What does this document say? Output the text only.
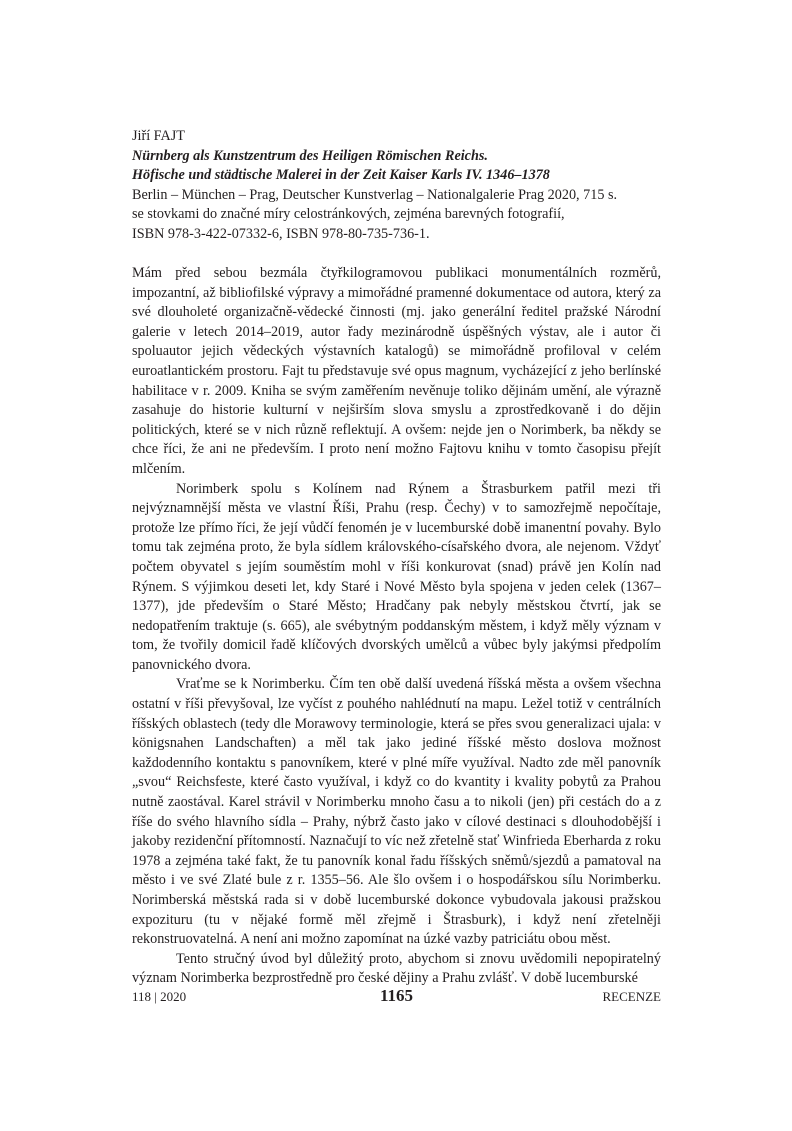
Jiří FAJT
Nürnberg als Kunstzentrum des Heiligen Römischen Reichs.
Höfische und städtische Malerei in der Zeit Kaiser Karls IV. 1346–1378
Berlin – München – Prag, Deutscher Kunstverlag – Nationalgalerie Prag 2020, 715 s.
se stovkami do značné míry celostránkových, zejména barevných fotografií,
ISBN 978-3-422-07332-6, ISBN 978-80-735-736-1.

Mám před sebou bezmála čtyřkilogramovou publikaci monumentálních rozměrů, impozantní, až bibliofilské výpravy a mimořádné pramenné dokumentace od autora, který za své dlouholeté organizačně-vědecké činnosti (mj. jako generální ředitel pražské Národní galerie v letech 2014–2019, autor řady mezinárodně úspěšných výstav, ale i autor či spoluautor jejich vědeckých výstavních katalogů) se mimořádně profiloval v celém euroatlantickém prostoru. Fajt tu představuje své opus magnum, vycházející z jeho berlínské habilitace v r. 2009. Kniha se svým zaměřením nevěnuje toliko dějinám umění, ale výrazně zasahuje do historie kulturní v nejširším slova smyslu a zprostředkovaně i do dějin politických, které se v nich různě reflektují. A ovšem: nejde jen o Norimberk, ba někdy se chce říci, že ani ne především. I proto není možno Fajtovu knihu v tomto časopisu přejít mlčením.

Norimberk spolu s Kolínem nad Rýnem a Štrasburkem patřil mezi tři nejvýznamnější města ve vlastní Říši, Prahu (resp. Čechy) v to samozřejmě nepočítaje, protože lze přímo říci, že její vůdčí fenomén je v lucemburské době imanentní povahy. Bylo tomu tak zejména proto, že byla sídlem královského-císařského dvora, ale nejenom. Vždyť počtem obyvatel s jejím souměstím mohl v říši konkurovat (snad) právě jen Kolín nad Rýnem. S výjimkou deseti let, kdy Staré i Nové Město byla spojena v jeden celek (1367–1377), jde především o Staré Město; Hradčany pak nebyly městskou čtvrtí, jak se nedopatřením traktuje (s. 665), ale svébytným poddanským městem, i když měly význam v tom, že tvořily domicil řadě klíčových dvorských umělců a vůbec byly jakýmsi předpolím panovnického dvora.

Vraťme se k Norimberku. Čím ten obě další uvedená říšská města a ovšem všechna ostatní v říši převyšoval, lze vyčíst z pouhého nahlédnutí na mapu. Ležel totiž v centrálních říšských oblastech (tedy dle Morawovy terminologie, která se přes svou generalizaci ujala: v königsnahen Landschaften) a měl tak jako jediné říšské město doslova možnost každodenního kontaktu s panovníkem, které v plné míře využíval. Nadto zde měl panovník „svou“ Reichsfeste, které často využíval, i když co do kvantity i kvality pobytů za Prahou nutně zaostával. Karel strávil v Norimberku mnoho času a to nikoli (jen) při cestách do a z říše do svého hlavního sídla – Prahy, nýbrž často jako v cílové destinaci s dlouhodobější i jakoby rezidenční přítomností. Naznačují to víc než zřetelně stať Winfrieda Eberharda z roku 1978 a zejména také fakt, že tu panovník konal řadu říšských sněmů/sjezdů a pamatoval na město i ve své Zlaté bule z r. 1355–56. Ale šlo ovšem i o hospodářskou sílu Norimberku. Norimberská městská rada si v době lucemburské dokonce vybudovala jakousi pražskou expozituru (tu v nějaké formě měl zřejmě i Štrasburk), i když není zřetelněji rekonstruovatelná. A není ani možno zapomínat na úzké vazby patriciátu obou měst.

Tento stručný úvod byl důležitý proto, abychom si znovu uvědomili nepopiratelný význam Norimberka bezprostředně pro české dějiny a Prahu zvlášť. V době lucemburské

118 | 2020	1165	RECENZE
